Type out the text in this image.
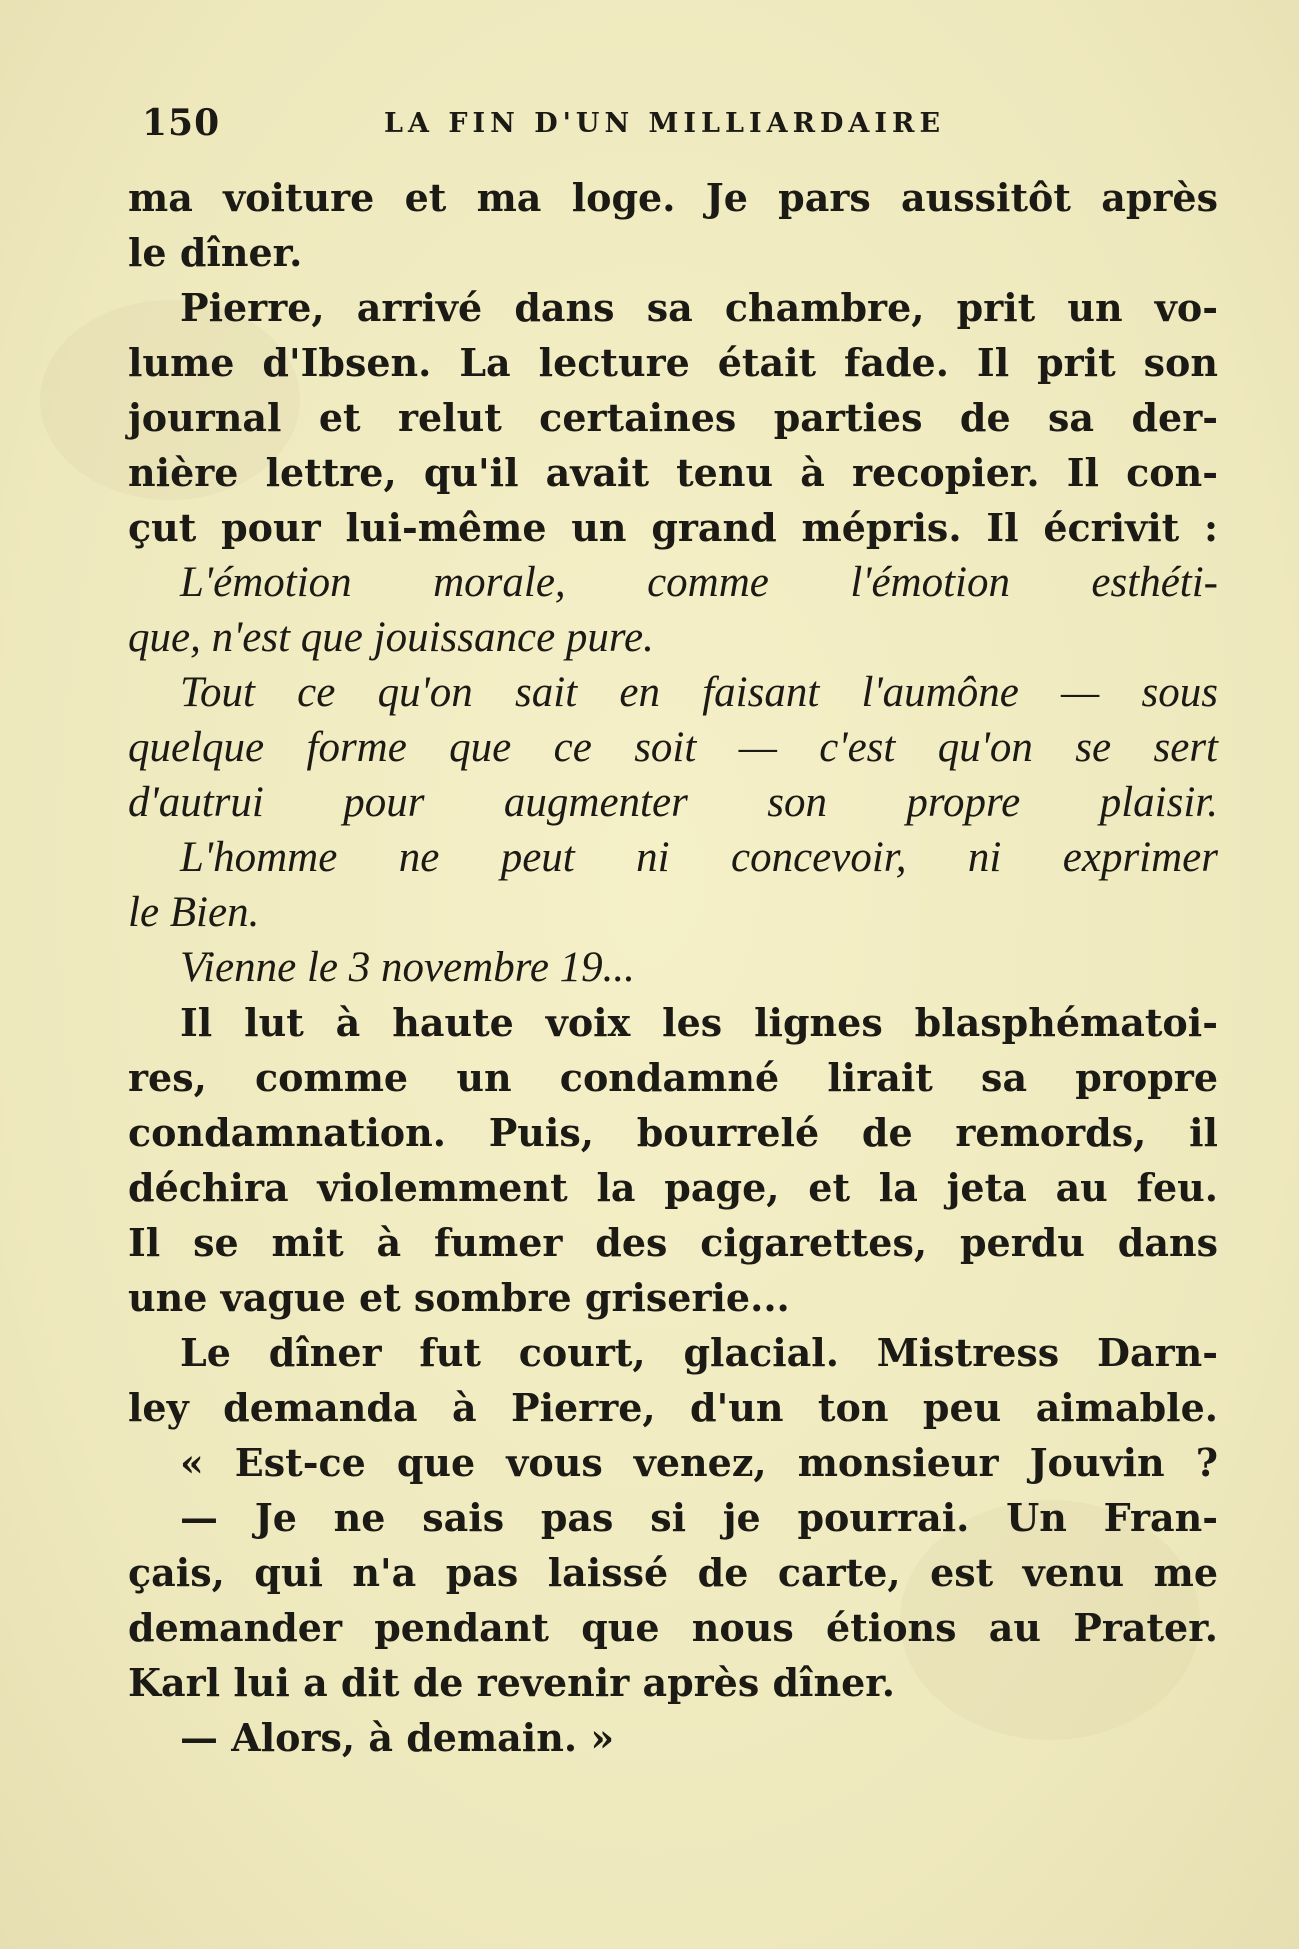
150	LA FIN D'UN MILLIARDAIRE
ma voiture et ma loge. Je pars aussitôt après
le dîner.
Pierre, arrivé dans sa chambre, prit un vo-
lume d'Ibsen. La lecture était fade. Il prit son
journal et relut certaines parties de sa der-
nière lettre, qu'il avait tenu à recopier. Il con-
çut pour lui-même un grand mépris. Il écrivit :
L'émotion morale, comme l'émotion esthéti-
que, n'est que jouissance pure.
Tout ce qu'on sait en faisant l'aumône — sous
quelque forme que ce soit — c'est qu'on se sert
d'autrui pour augmenter son propre plaisir.
L'homme ne peut ni concevoir, ni exprimer
le Bien.
Vienne le 3 novembre 19...
Il lut à haute voix les lignes blasphématoi-
res, comme un condamné lirait sa propre
condamnation. Puis, bourrelé de remords, il
déchira violemment la page, et la jeta au feu.
Il se mit à fumer des cigarettes, perdu dans
une vague et sombre griserie...
Le dîner fut court, glacial. Mistress Darn-
ley demanda à Pierre, d'un ton peu aimable.
« Est-ce que vous venez, monsieur Jouvin ?
— Je ne sais pas si je pourrai. Un Fran-
çais, qui n'a pas laissé de carte, est venu me
demander pendant que nous étions au Prater.
Karl lui a dit de revenir après dîner.
— Alors, à demain. »
